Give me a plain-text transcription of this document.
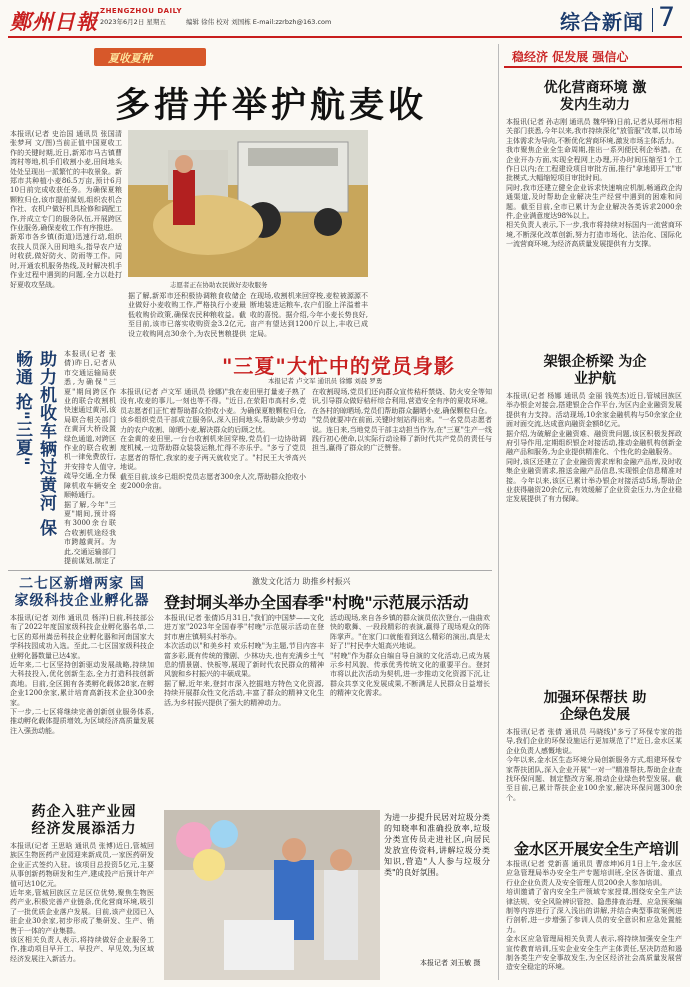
鄭州日報 ZHENGZHOU DAILY
2023年6月2日 星期五	编辑 徐伟 校对 刘国栋 E-mail:zzrbzh@163.com	综合新闻 7
夏收夏种
多措并举护航麦收
本报讯(记者 史治国 通讯员 张国清 张梦珂 文/图)当前正值中国夏收工作的关键时期,近日,新郑市马古镇曹湾村等地,机手们收割小麦,田间地头处处呈现出一派繁忙的丰收景象。新郑市共种植小麦86.5万亩,预计6月10日前完成收获任务。为确保夏粮颗粒归仓,该市提前谋划,组织农机合作社、农机户做好机具检修和调配工作,并成立专门的服务队伍,开展跨区作业服务,确保麦收工作有序推进。
新郑市各乡镇(街道)迅速行动,组织农技人员深入田间地头,指导农户适时收获,做好防火、防雨等工作。同时,开通农机服务热线,及时解决机手作业过程中遇到的问题,全力以赴打好夏收攻坚战。	志愿者正在协助农民做好麦收服务
据了解,新郑市还积极协调粮食收储企业做好小麦收购工作,严格执行小麦最低收购价政策,确保农民种粮收益。截至目前,该市已落实收购资金3.2亿元,设立收购网点30余个,为农民售粮提供

在现场,收割机来回穿梭,麦粒被源源不断地装进运粮车,农户们脸上洋溢着丰收的喜悦。据介绍,今年小麦长势良好,亩产有望达到1200斤以上,丰收已成定局。
"三夏"大忙中的党员身影
本报记者 卢文军 通讯员 徐娜 刘晨 罗勇
本报讯(记者 卢文军 通讯员 徐娜)"我在麦田里打量麦子熟了没有,收麦的事儿,一刻也等不得。"近日,在荥阳市高村乡,党员志愿者们正忙着帮助群众抢收小麦。为确保夏粮颗粒归仓,该乡组织党员干部成立服务队,深入田间地头,帮助缺少劳动力的农户收割、晾晒小麦,解决群众的后顾之忧。
在金黄的麦田里,一台台收割机来回穿梭,党员们一边协助调度机械,一边帮助群众装袋运粮,忙得不亦乐乎。"多亏了党员志愿者的帮忙,我家的麦子两天就收完了。"村民王大爷高兴地说。
截至目前,该乡已组织党员志愿者300余人次,帮助群众抢收小麦2000余亩。
在收割现场,党员们还向群众宣传秸秆禁烧、防火安全等知识,引导群众做好秸秆综合利用,营造安全有序的夏收环境。在各村的晾晒场,党员们帮助群众翻晒小麦,确保颗粒归仓。
"党员就要冲在前面,关键时刻站得出来。"一名党员志愿者说。连日来,当地党员干部主动担当作为,在"三夏"生产一线践行初心使命,以实际行动诠释了新时代共产党员的责任与担当,赢得了群众的广泛赞誉。
助力机收车辆过黄河 保畅通 抢"三夏"	本报讯(记者 张倩)昨日,记者从市交通运输局获悉,为确保"三夏"期间跨区作业的联合收割机快速通过黄河,该局联合相关部门在黄河大桥设置绿色通道,对跨区作业的联合收割机一律免费放行,并安排专人值守,疏导交通,全力保障机收车辆安全顺畅通行。
据了解,今年"三夏"期间,预计将有3000余台联合收割机途经我市跨越黄河。为此,交通运输部门提前谋划,制定了
二七区新增两家 国家级科技企业孵化器
本报讯(记者 刘伟 通讯员 杨洋)日前,科技部公布了2022年度国家级科技企业孵化器名单,二七区的郑州嵩岳科技企业孵化器和河南国家大学科技园成功入选。至此,二七区国家级科技企业孵化器数量已达4家。
近年来,二七区坚持创新驱动发展战略,持续加大科技投入,优化创新生态,全力打造科技创新高地。目前,全区拥有各类孵化载体28家,在孵企业1200余家,累计培育高新技术企业300余家。
下一步,二七区将继续完善创新创业服务体系,推动孵化载体提质增效,为区域经济高质量发展注入强劲动能。
药企入驻产业园 经济发展添活力
本报讯(记者 王思晗 通讯员 张博)近日,管城回族区生物医药产业园迎来新成员,一家医药研发企业正式签约入驻。该项目总投资5亿元,主要从事创新药物研发和生产,建成投产后预计年产值可达10亿元。
近年来,管城回族区立足区位优势,聚焦生物医药产业,积极完善产业链条,优化营商环境,吸引了一批优质企业落户发展。目前,该产业园已入驻企业30余家,初步形成了集研发、生产、销售于一体的产业集群。
该区相关负责人表示,将持续做好企业服务工作,推动项目早开工、早投产、早见效,为区域经济发展注入新活力。
激发文化活力 助推乡村振兴
登封垌头举办全国春季"村晚"示范展示活动
本报讯(记者 张倩)5月31日,"我们的中国梦——文化进万家"2023年全国春季"村晚"示范展示活动在登封市唐庄镇垌头村举办。
本次活动以"和美乡村 欢乐村晚"为主题,节目内容丰富多彩,既有传统的豫剧、少林功夫,也有充满乡土气息的情景剧、快板等,展现了新时代农民群众的精神风貌和乡村振兴的丰硕成果。
据了解,近年来,登封市深入挖掘地方特色文化资源,持续开展群众性文化活动,丰富了群众的精神文化生活,为乡村振兴提供了强大的精神动力。
活动现场,来自各乡镇的群众演员依次登台,一曲曲欢快的歌舞、一段段精彩的表演,赢得了现场观众的阵阵掌声。"在家门口就能看到这么精彩的演出,真是太好了!"村民李大姐高兴地说。
"村晚"作为群众自编自导自演的文化活动,已成为展示乡村风貌、传承优秀传统文化的重要平台。登封市将以此次活动为契机,进一步推动文化资源下沉,让群众共享文化发展成果,不断满足人民群众日益增长的精神文化需求。
为进一步提升民居对垃圾分类的知晓率和准确投放率,垃圾分类宣传员走进社区,向居民发放宣传资料,讲解垃圾分类知识,营造"人人参与垃圾分类"的良好氛围。
本报记者 刘玉敏 摄
稳经济 促发展 强信心
优化营商环境 激发内生动力
本报讯(记者 孙志刚 通讯员 魏华锋)日前,记者从郑州市相关部门获悉,今年以来,我市持续深化"放管服"改革,以市场主体需求为导向,不断优化营商环境,激发市场主体活力。
我市聚焦企业全生命周期,推出一系列便民利企举措。在企业开办方面,实现全程网上办理,开办时间压缩至1个工作日以内;在工程建设项目审批方面,推行"拿地即开工"审批模式,大幅缩短项目审批时间。
同时,我市还建立健全企业诉求快速响应机制,畅通政企沟通渠道,及时帮助企业解决生产经营中遇到的困难和问题。截至目前,全市已累计为企业解决各类诉求2000余件,企业满意度达98%以上。
相关负责人表示,下一步,我市将持续对标国内一流营商环境,不断深化改革创新,努力打造市场化、法治化、国际化一流营商环境,为经济高质量发展提供有力支撑。
架银企桥梁 为企业护航
本报讯(记者 杨娜 通讯员 金丽 钱英杰)近日,管城回族区举办银企对接会,搭建银企合作平台,为区内企业融资发展提供有力支持。活动现场,10余家金融机构与50余家企业面对面交流,达成意向融资金额8亿元。
据介绍,为破解企业融资难、融资贵问题,该区积极发挥政府引导作用,定期组织银企对接活动,推动金融机构创新金融产品和服务,为企业提供精准化、个性化的金融服务。
同时,该区还建立了企业融资需求库和金融产品库,及时收集企业融资需求,推送金融产品信息,实现银企信息精准对接。今年以来,该区已累计举办银企对接活动5场,帮助企业获得融资20余亿元,有效缓解了企业资金压力,为企业稳定发展提供了有力保障。
加强环保帮扶 助企绿色发展
本报讯(记者 张倩 通讯员 马晓线)"多亏了环保专家的指导,我们企业的环保设施运行更加规范了!"近日,金水区某企业负责人感慨地说。
今年以来,金水区生态环境分局创新服务方式,组建环保专家帮扶团队,深入企业开展"一对一"精准帮扶,帮助企业查找环保问题、制定整改方案,推动企业绿色转型发展。截至目前,已累计帮扶企业100余家,解决环保问题300余个。
金水区开展安全生产培训
本报讯(记者 党新喜 通讯员 曹彦坤)6月1日上午,金水区应急管理局举办安全生产专题培训班,全区各街道、重点行业企业负责人及安全管理人员200余人参加培训。
培训邀请了省内安全生产领域专家授课,围绕安全生产法律法规、安全风险辨识管控、隐患排查治理、应急预案编制等内容进行了深入浅出的讲解,并结合典型事故案例进行剖析,进一步增强了参训人员的安全意识和应急处置能力。
金水区应急管理局相关负责人表示,将持续加强安全生产宣传教育培训,压实企业安全生产主体责任,坚决防范和遏制各类生产安全事故发生,为全区经济社会高质量发展营造安全稳定的环境。
